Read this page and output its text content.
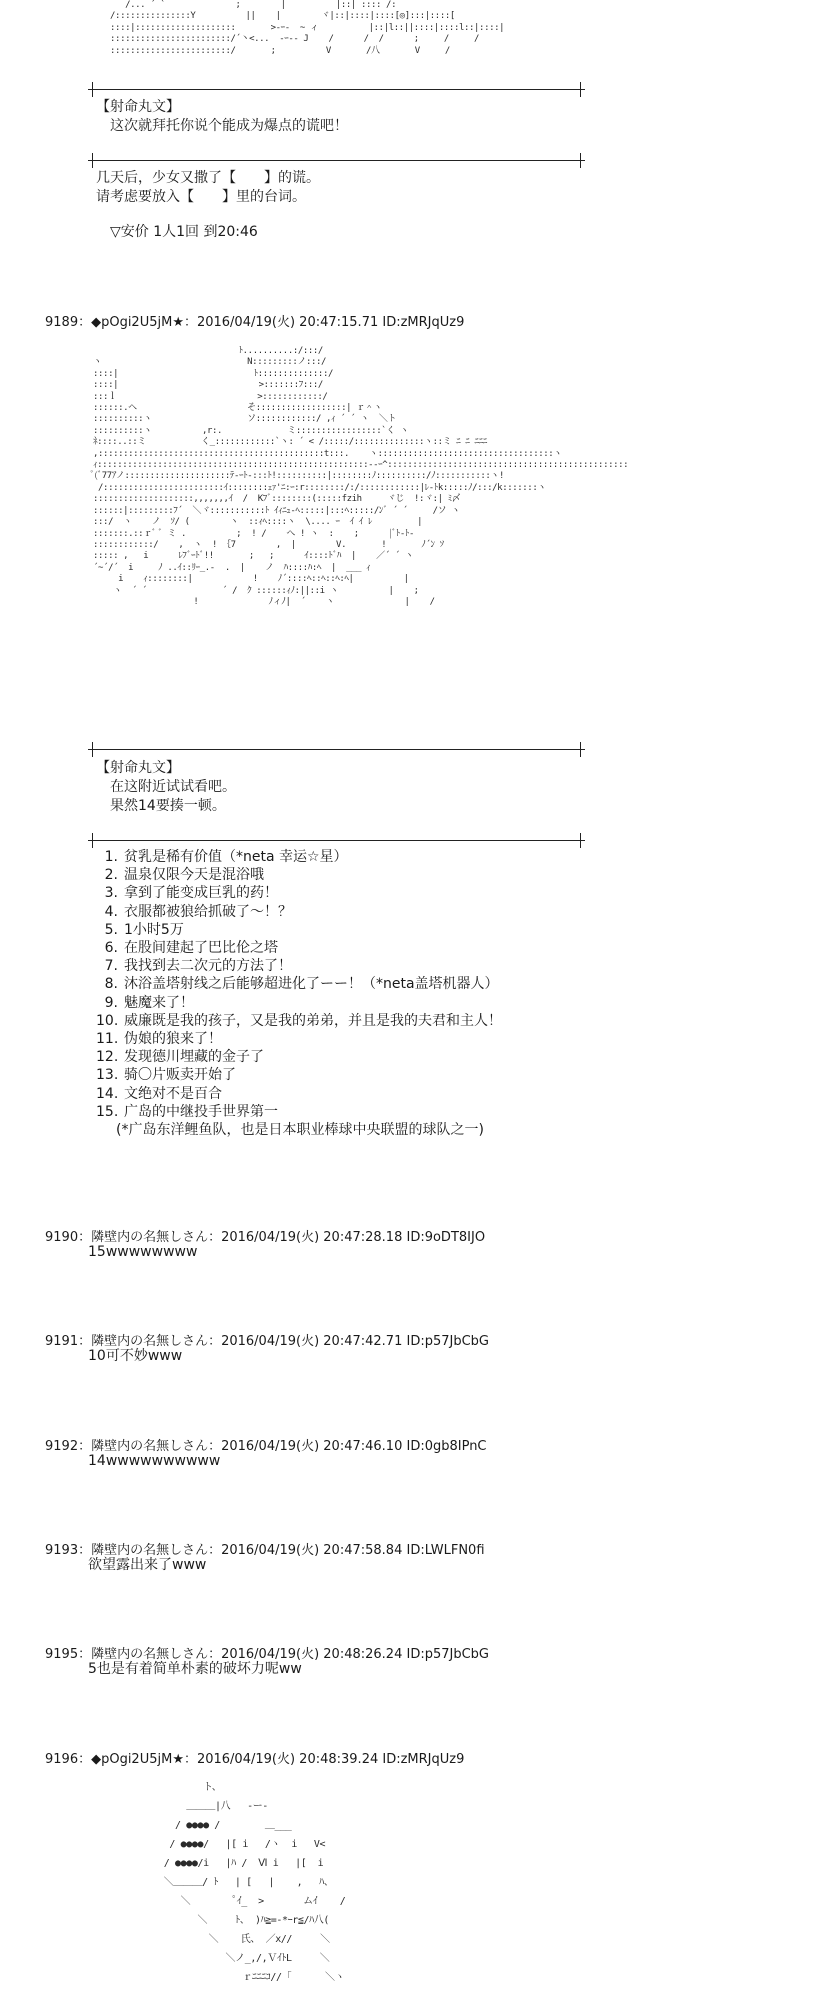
/... ´ `              ;        |          |::| :::: /:
/:::::::::::::::Y          ||    |        ヾ|::|::::|::::[◎]:::|::::[
::::|::::::::::::::::::::       >-ｰ-  ~ ィ          |::|l::||::::|::::l::|::::|
::::::::::::::::::::::::/´丶<...  -ｰ-- J    /      /  /      ;     /     /
::::::::::::::::::::::::/       ;          V       /八       V     /
【射命丸文】
这次就拜托你说个能成为爆点的谎吧！
几天后，少女又撒了【　　】的谎。
请考虑要放入【　　】里的台词。
▽安价 1人1回 到20:46
9189：◆pOgi2U5jM★：2016/04/19(火) 20:47:15.71 ID:zMRJqUz9
ﾄ..........:/:::/
ヽ                             N:::::::::ノ:::/
::::|                           ﾄ::::::::::::::/
::::|                            >:::::::ﾌ:::/
:::ｌ                            >::::::::::::/
::::::.ヘ                      そ::::::::::::::::::| ｒ＾ヽ
::::::::::ヽ                   ソ::::::::::::/ ,ｨ ´ ´ ヽ  ＼ト
::::::::::ヽ          ,r:.             ミ:::::::::::::::::`く ヽ
ﾈ::::..::ミ           く_::::::::::::`ヽ: ´ < /:::::/::::::::::::::ヽ::ミ ﾆ ﾆ ﾆﾆﾆ
,:::::::::::::::::::::::::::::::::::::::::::::t:::.    ヽ:::::::::::::::::::::::::::::::::::ヽ
ｨ::::::::::::::::::::::::::::::::::::::::::::::::::::::--ｰ^::::::::::::::::::::::::::::::::::::::::::::::::
ﾟ(ﾞ77ｱノ:::::::::::::::::::::ﾃ-ｰﾄ-:::ﾄ!::::::::::|::::::::ﾉ::::::::::/ﾉ:::::::::::ヽ!
/::::::::::::::::::::::::ｲ::::::::ｪｧ'ﾆ:ｰ:r::::::::/:/::::::::::::|ﾚ-ﾄk:::::ﾉ/:::/k:::::::ヽ
::::::::::::::::::::,,,,,,,ｲ  /  Kﾌﾞ::::::::(:::::fzih     ヾじ  !:ヾ:| ﾐ〆
::::::|:::::::::ﾌ´  ＼ヾ:::::::::::ﾄ ｲｨﾆｭ-ﾍ:::::|:::ﾍ:::::/ﾝﾞ ´ ´     /ソ ヽ
:::/  ヽ    ノ  ｿ/ (        ヽ  ::ｨﾍ::::ヽ  \.... ｰ  ｲ ｲ ﾚ         |
:::::::.::ｒﾞ ﾞ ミ .          ;  ! /    へ ! ヽ  :    ;      |ﾞﾄ-ﾄ-
::::::::::::/    ,  ヽ  ! ｛7        ,  |        V.       !       ﾉ´ﾝ ｿ
::::: ,   i      ﾚﾌﾞｰﾄﾞ!!       ;   ;      ｲ::::ﾄﾞﾊ  |    ／´ ´ ヽ
´~´/´  i     ﾉ ..ｲ::ﾘｰ_.-  .  |    ノ  ﾊ::::ﾊ:ﾍ  |  ___ ｨ
i    ｨ::::::::|            !    ﾉ´::::ﾍ::ﾍ::ﾍ:ﾍ|          |
ヽ  ´ ´               ´ /  ｸ ::::::ｨﾉ:||::i ヽ          |    ;
!              ﾉィﾉ|  ´    ヽ              |    /
【射命丸文】
在这附近试试看吧。
果然14要揍一顿。
1. 贫乳是稀有价值（*neta 幸运☆星）
2. 温泉仅限今天是混浴哦
3. 拿到了能变成巨乳的药！
4. 衣服都被狼给抓破了～！？
5. 1小时5万
6. 在股间建起了巴比伦之塔
7. 我找到去二次元的方法了！
8. 沐浴盖塔射线之后能够超进化了ーー！（*neta盖塔机器人）
9. 魅魔来了！
10. 威廉既是我的孩子，又是我的弟弟，并且是我的夫君和主人！
11. 伪娘的狼来了！
12. 发现德川埋藏的金子了
13. 骑〇片贩卖开始了
14. 文绝对不是百合
15. 广岛的中继投手世界第一
(*广岛东洋鲤鱼队，也是日本职业棒球中央联盟的球队之一)
9190：隣壁内の名無しさん：2016/04/19(火) 20:47:28.18 ID:9oDT8IJO
15wwwwwwww
9191：隣壁内の名無しさん：2016/04/19(火) 20:47:42.71 ID:p57JbCbG
10可不妙www
9192：隣壁内の名無しさん：2016/04/19(火) 20:47:46.10 ID:0gb8IPnC
14wwwwwwwwww
9193：隣壁内の名無しさん：2016/04/19(火) 20:47:58.84 ID:LWLFN0fi
欲望露出来了www
9195：隣壁内の名無しさん：2016/04/19(火) 20:48:26.24 ID:p57JbCbG
5也是有着简单朴素的破坏力呢ww
9196：◆pOgi2U5jM★：2016/04/19(火) 20:48:39.24 ID:zMRJqUz9
ト、
＿＿＿|八   -ー-
/ ●●●● /        ＿___
/ ●●●●/   |[ i   /ヽ  i   V<
/ ●●●●/i   |ﾊ /  Ⅵ i   |[  i
＼＿＿＿/ ﾄ   | [   |    ,   ﾊ、
＼        ﾟｲ_  >       ムｲ    /
＼     ﾄ、 )ﾊ≧=-*ｰr≦/ﾊ八(
＼    氏、 ／x//     ＼
＼ノ_,/,ＶｲﾄL     ＼
ｒﾆﾆﾆｺ//「      ＼ヽ
